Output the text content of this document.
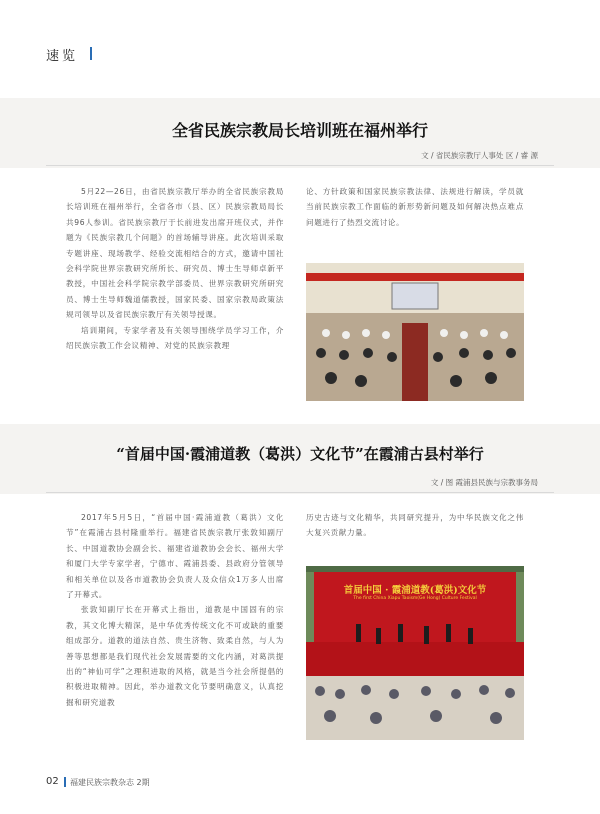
速览
全省民族宗教局长培训班在福州举行
文 / 省民族宗教厅人事处 区 / 睿 源
5月22—26日，由省民族宗教厅举办的全省民族宗教局长培训班在福州举行，全省各市（县、区）民族宗教局局长共96人参训。省民族宗教厅于长前进发出席开班仪式，并作题为《民族宗教几个问题》的首场辅导讲座。此次培训采取专题讲座、现场教学、经验交流相结合的方式，邀请中国社会科学院世界宗教研究所所长、研究员、博士生导师卓新平教授，中国社会科学院宗教学部委员、世界宗教研究所研究员、博士生导师魏道儒教授，国家民委、国家宗教局政策法规司领导以及省民族宗教厅有关领导授课。
培训期间，专家学者及有关领导围绕学员学习工作，介绍民族宗教工作会议精神、对党的民族宗教理
论、方针政策和国家民族宗教法律、法规进行解读，学员就当前民族宗教工作面临的新形势新问题及如何解决热点难点问题进行了热烈交流讨论。
“首届中国·霞浦道教（葛洪）文化节”在霞浦古县村举行
文 / 图 霞浦县民族与宗教事务局
2017年5月5日，“首届中国·霞浦道教（葛洪）文化节”在霞浦古县村隆重举行。福建省民族宗教厅张敦知副厅长、中国道教协会副会长、福建省道教协会会长、福州大学和厦门大学专家学者，宁德市、霞浦县委、县政府分管领导和相关单位以及各市道教协会负责人及众信众1万多人出席了开幕式。
张敦知副厅长在开幕式上指出，道教是中国固有的宗教，其文化博大精深，是中华优秀传统文化不可或缺的重要组成部分。道教的道法自然、贵生济物、致柔自然，与人为善等思想都是我们现代社会发展需要的文化内涵，对葛洪提出的“神仙可学”之理积进取的风格，就是当今社会所提倡的积极进取精神。因此，举办道教文化节要明确意义，认真挖掘和研究道教
历史古迹与文化精华，共同研究提升，为中华民族文化之伟大复兴贡献力量。
首届中国 · 霞浦道教(葛洪)文化节
The first China Xiapu Taoism(Ge Hong) Culture Festival
02 福建民族宗教杂志 2期
